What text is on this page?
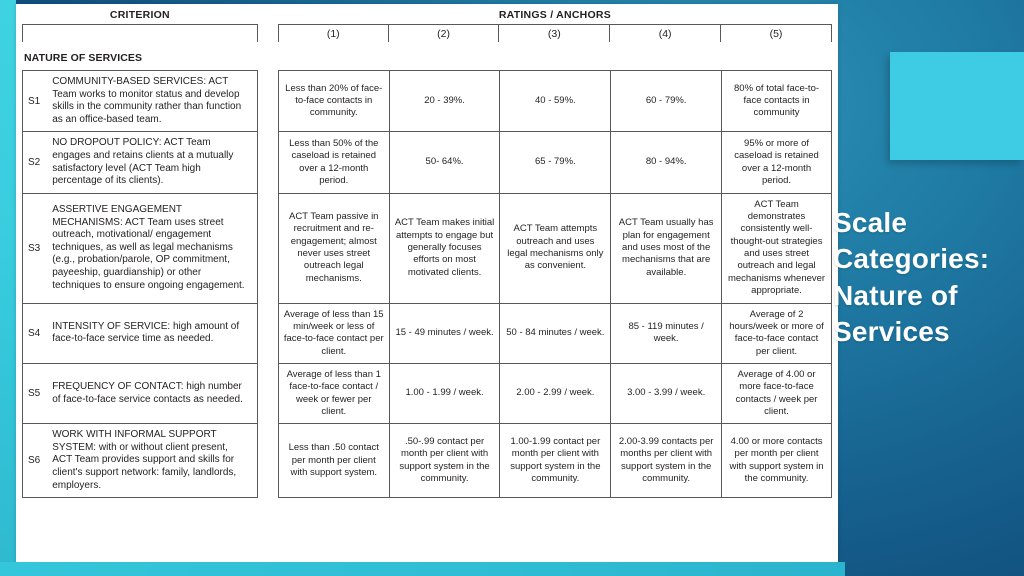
CRITERION			RATINGS / ANCHORS				
			(1)	(2)	(3)	(4)	(5)
NATURE OF SERVICES							
S1	COMMUNITY-BASED SERVICES: ACT Team works to monitor status and develop skills in the community rather than function as an office-based team.		Less than 20% of face-to-face contacts in community.	20 - 39%.	40 - 59%.	60 - 79%.	80% of total face-to-face contacts in community
S2	NO DROPOUT POLICY: ACT Team engages and retains clients at a mutually satisfactory level (ACT Team high percentage of its clients).		Less than 50% of the caseload is retained over a 12-month period.	50- 64%.	65 - 79%.	80 - 94%.	95% or more of caseload is retained over a 12-month period.
S3	ASSERTIVE ENGAGEMENT MECHANISMS: ACT Team uses street outreach, motivational/ engagement techniques, as well as legal mechanisms (e.g., probation/parole, OP commitment, payeeship, guardianship) or other techniques to ensure ongoing engagement.		ACT Team passive in recruitment and re-engagement; almost never uses street outreach legal mechanisms.	ACT Team makes initial attempts to engage but generally focuses efforts on most motivated clients.	ACT Team attempts outreach and uses legal mechanisms only as convenient.	ACT Team usually has plan for engagement and uses most of the mechanisms that are available.	ACT Team demonstrates consistently well-thought-out strategies and uses street outreach and legal mechanisms whenever appropriate.
S4	INTENSITY OF SERVICE: high amount of face-to-face service time as needed.		Average of less than 15 min/week or less of face-to-face contact per client.	15 - 49 minutes / week.	50 - 84 minutes / week.	85 - 119 minutes / week.	Average of 2 hours/week or more of face-to-face contact per client.
S5	FREQUENCY OF CONTACT: high number of face-to-face service contacts as needed.		Average of less than 1 face-to-face contact / week or fewer per client.	1.00 - 1.99 / week.	2.00 - 2.99 / week.	3.00 - 3.99 / week.	Average of 4.00 or more face-to-face contacts / week per client.
S6	WORK WITH INFORMAL SUPPORT SYSTEM: with or without client present, ACT Team provides support and skills for client's support network: family, landlords, employers.		Less than .50 contact per month per client with support system.	.50-.99 contact per month per client with support system in the community.	1.00-1.99 contact per month per client with support system in the community.	2.00-3.99 contacts per months per client with support system in the community.	4.00 or more contacts per month per client with support system in the community.
Scale Categories: Nature of Services
